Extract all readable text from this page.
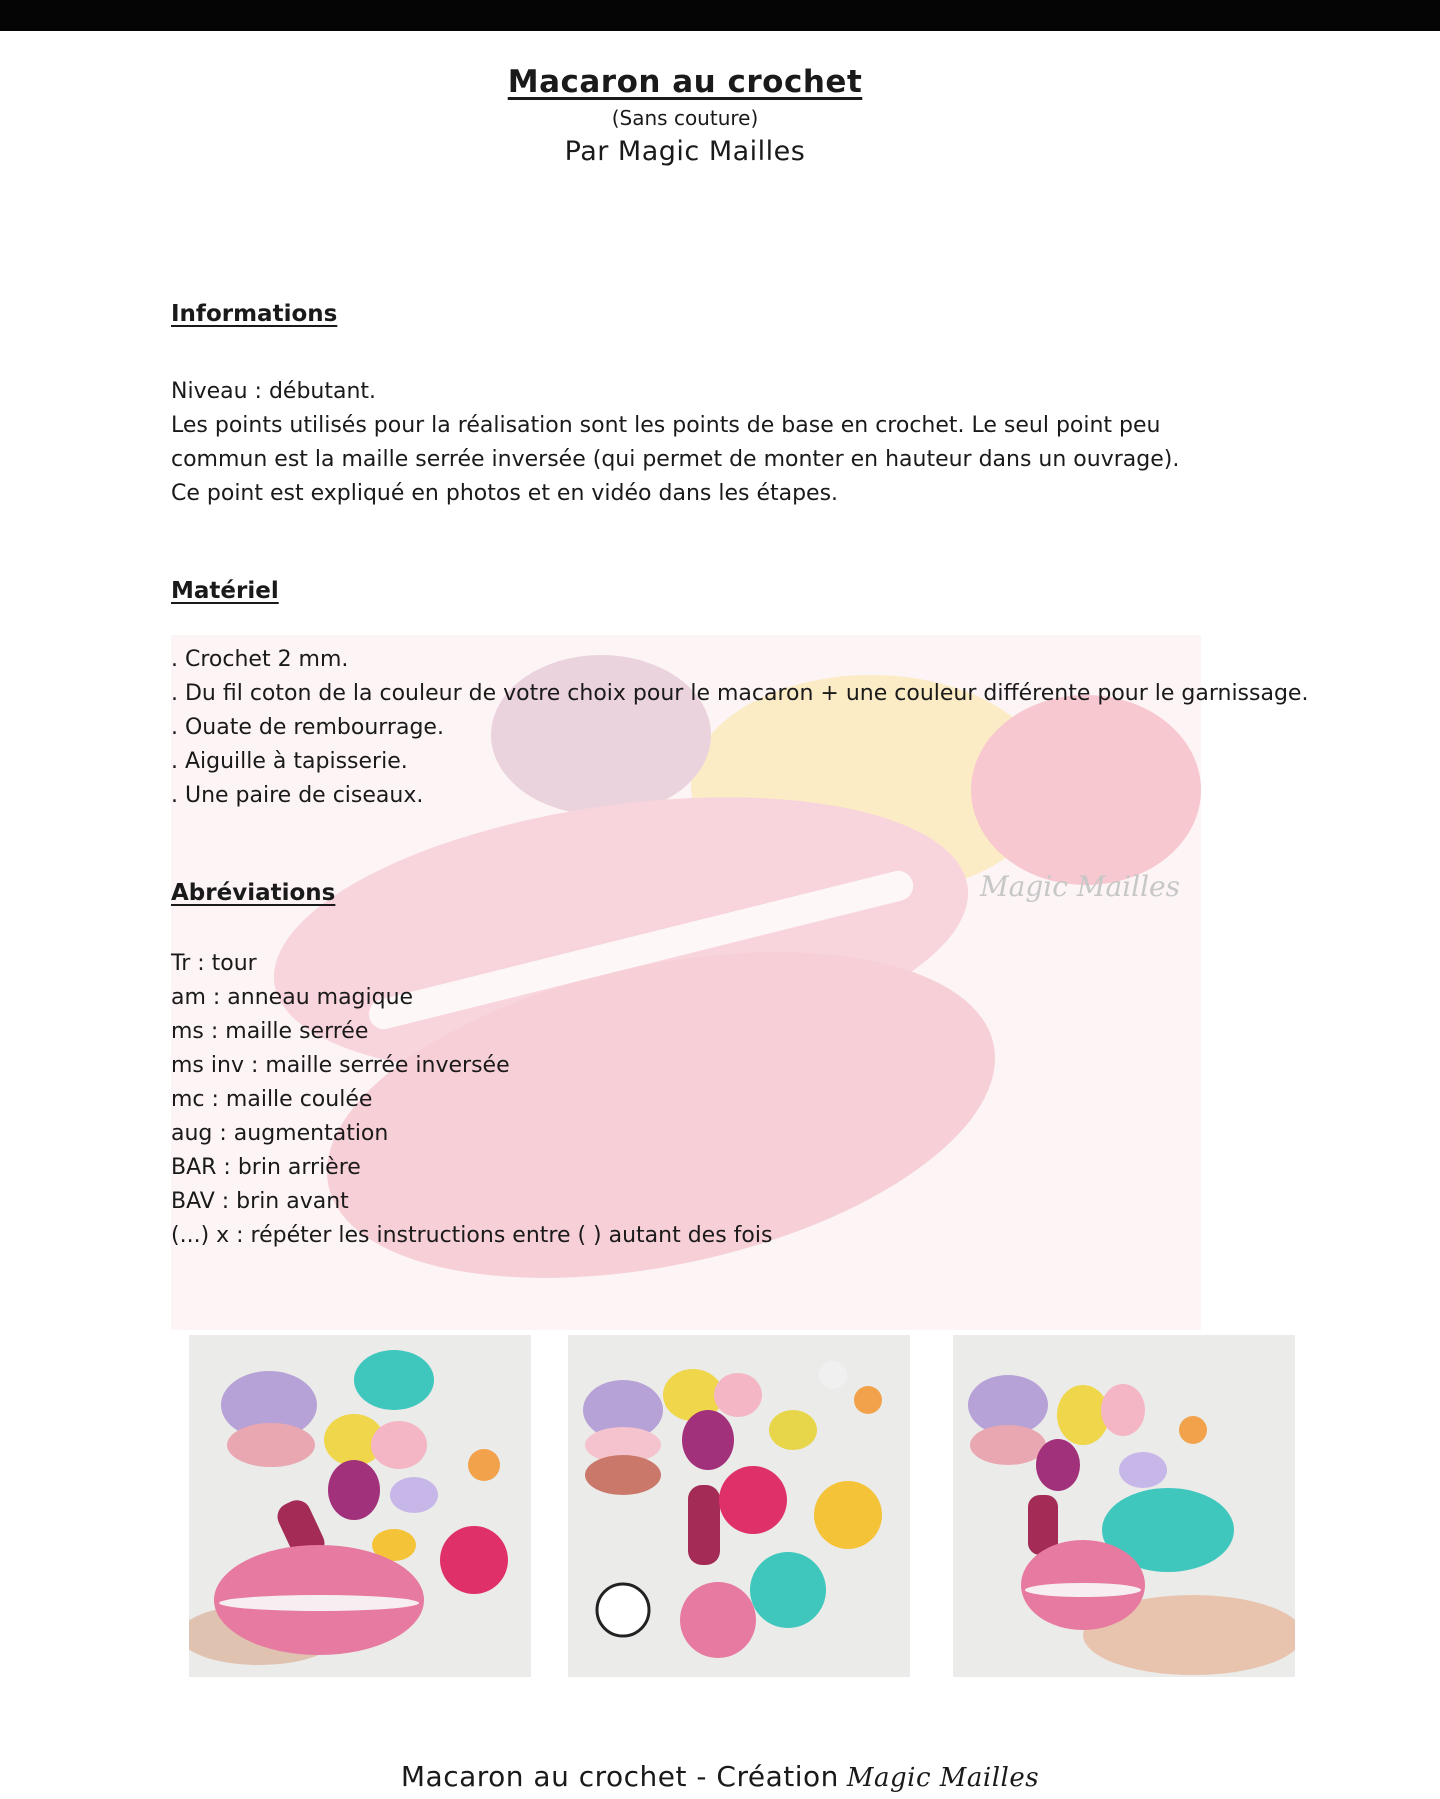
Macaron au crochet
(Sans couture)
Par Magic Mailles
Magic Mailles
Informations
Niveau : débutant.
Les points utilisés pour la réalisation sont les points de base en crochet. Le seul point peu
commun est la maille serrée inversée (qui permet de monter en hauteur dans un ouvrage).
Ce point est expliqué en photos et en vidéo dans les étapes.
Matériel
. Crochet 2 mm.
. Du fil coton de la couleur de votre choix pour le macaron + une couleur différente pour le garnissage.
. Ouate de rembourrage.
. Aiguille à tapisserie.
. Une paire de ciseaux.
Abréviations
Tr : tour
am : anneau magique
ms : maille serrée
ms inv : maille serrée inversée
mc : maille coulée
aug : augmentation
BAR : brin arrière
BAV : brin avant
(...) x : répéter les instructions entre ( ) autant des fois
Macaron au crochet - Création Magic Mailles
